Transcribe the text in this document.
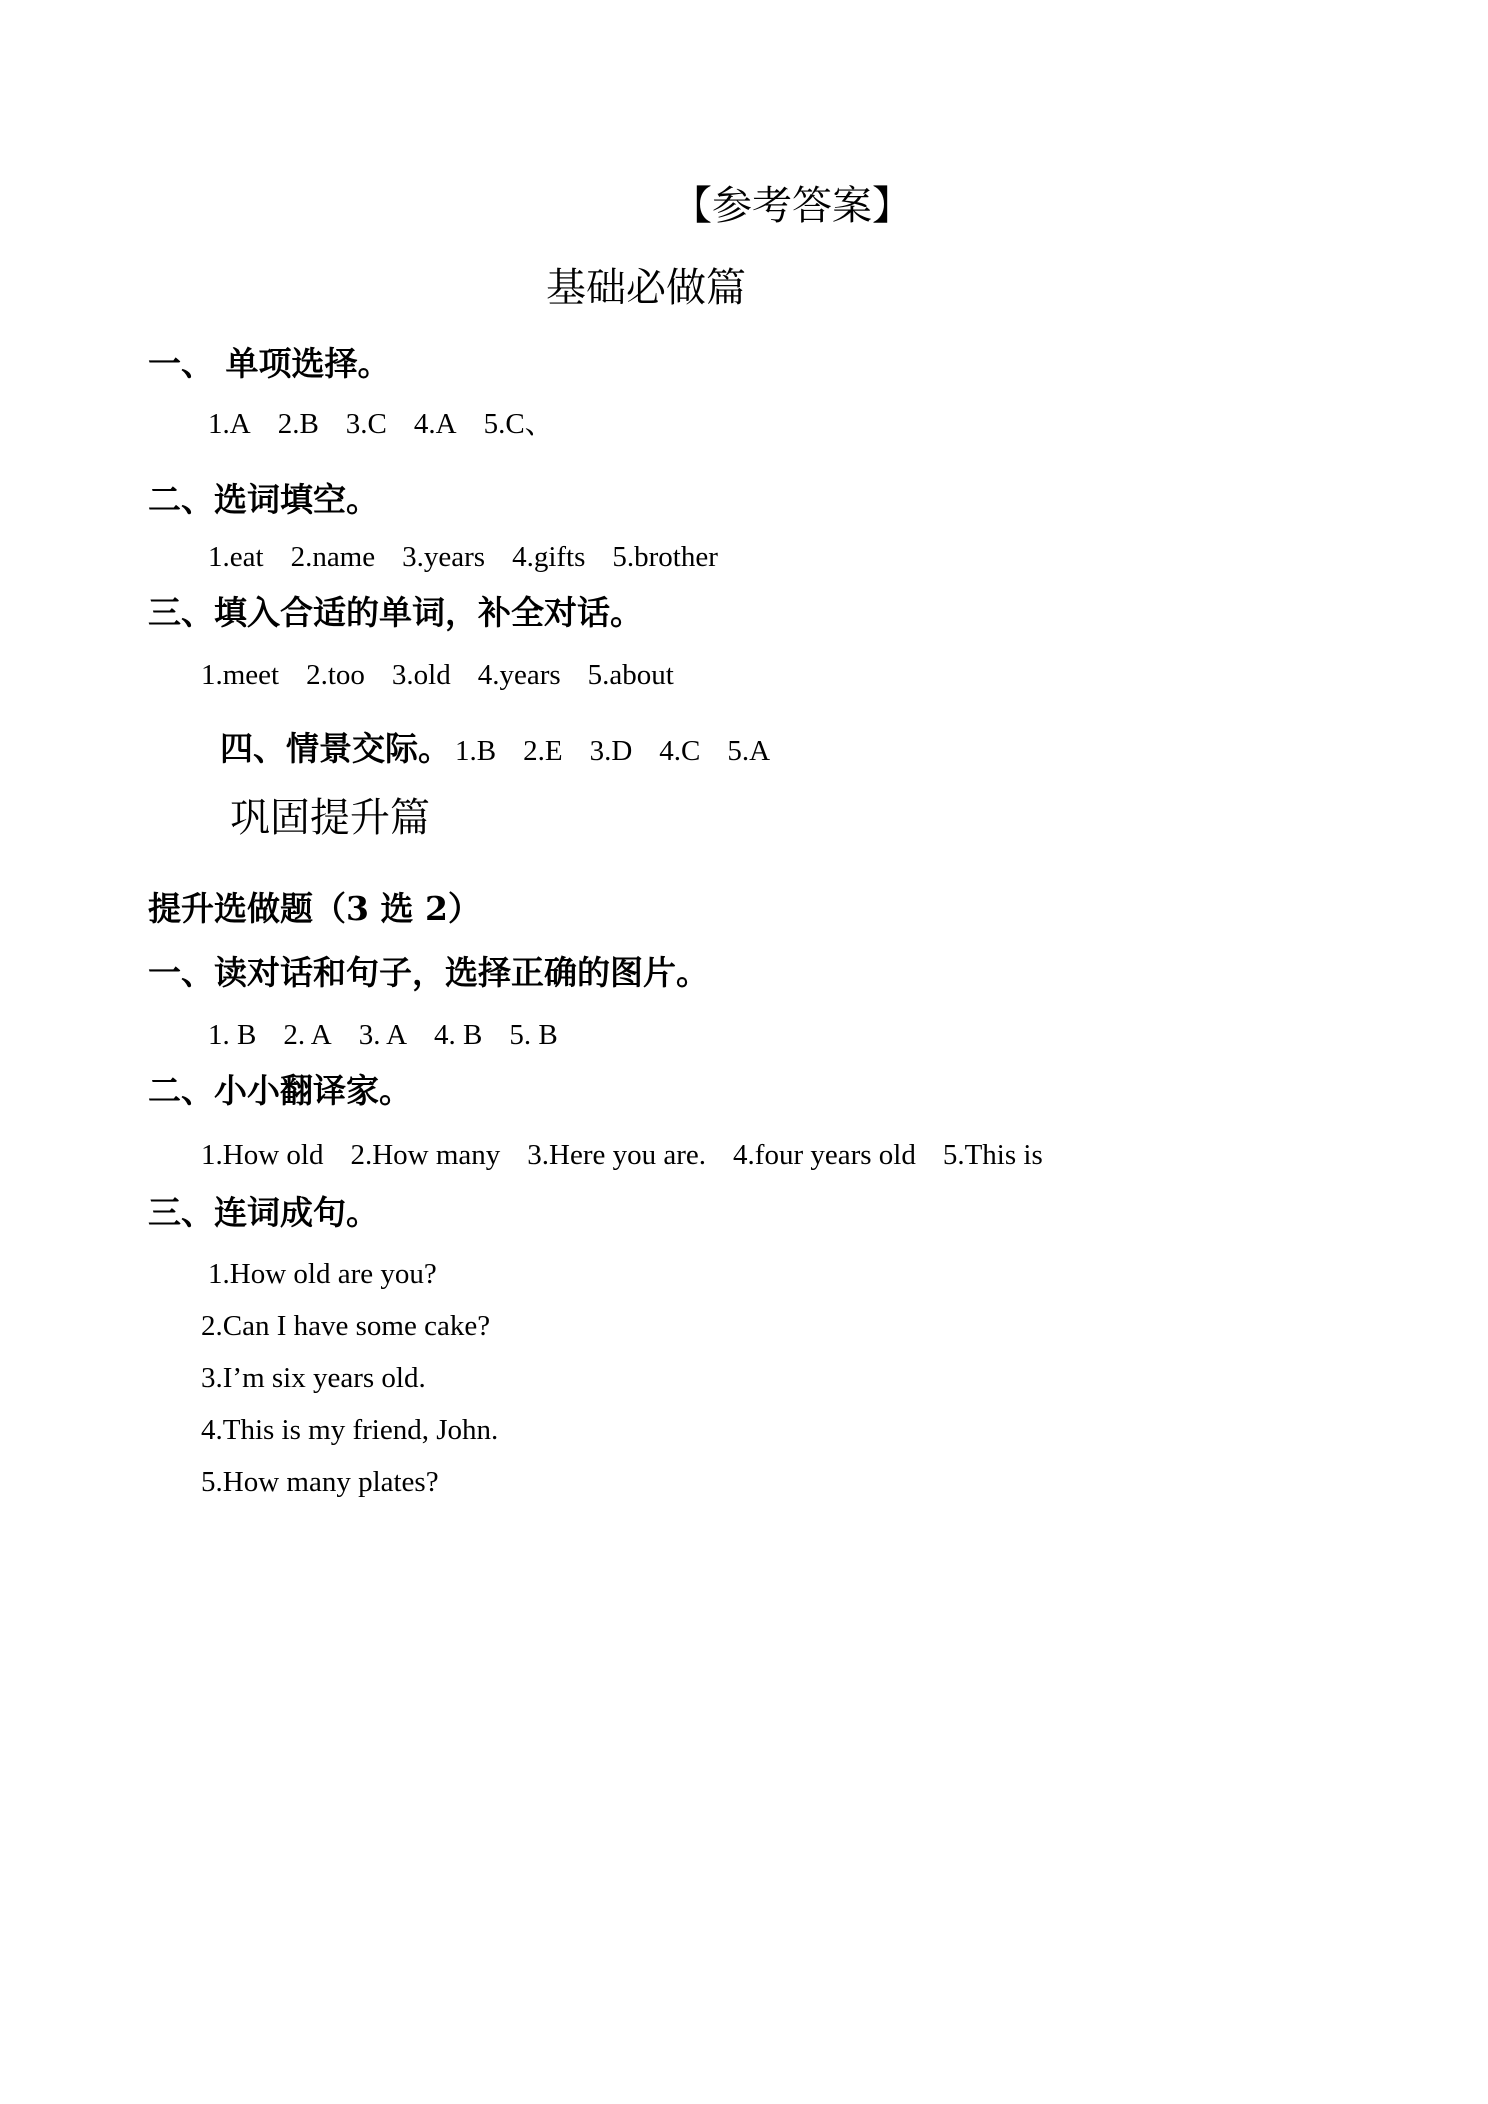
【参考答案】
基础必做篇
一、 单项选择。
1.A 2.B 3.C 4.A 5.C、
二、选词填空。
1.eat 2.name 3.years 4.gifts 5.brother
三、填入合适的单词，补全对话。
1.meet 2.too 3.old 4.years 5.about
四、情景交际。 1.B 2.E 3.D 4.C 5.A
巩固提升篇
提升选做题（3 选 2）
一、读对话和句子，选择正确的图片。
1. B 2. A 3. A 4. B 5. B
二、小小翻译家。
1.How old 2.How many 3.Here you are. 4.four years old 5.This is
三、连词成句。
1.How old are you?
2.Can I have some cake?
3.I’m six years old.
4.This is my friend, John.
5.How many plates?
